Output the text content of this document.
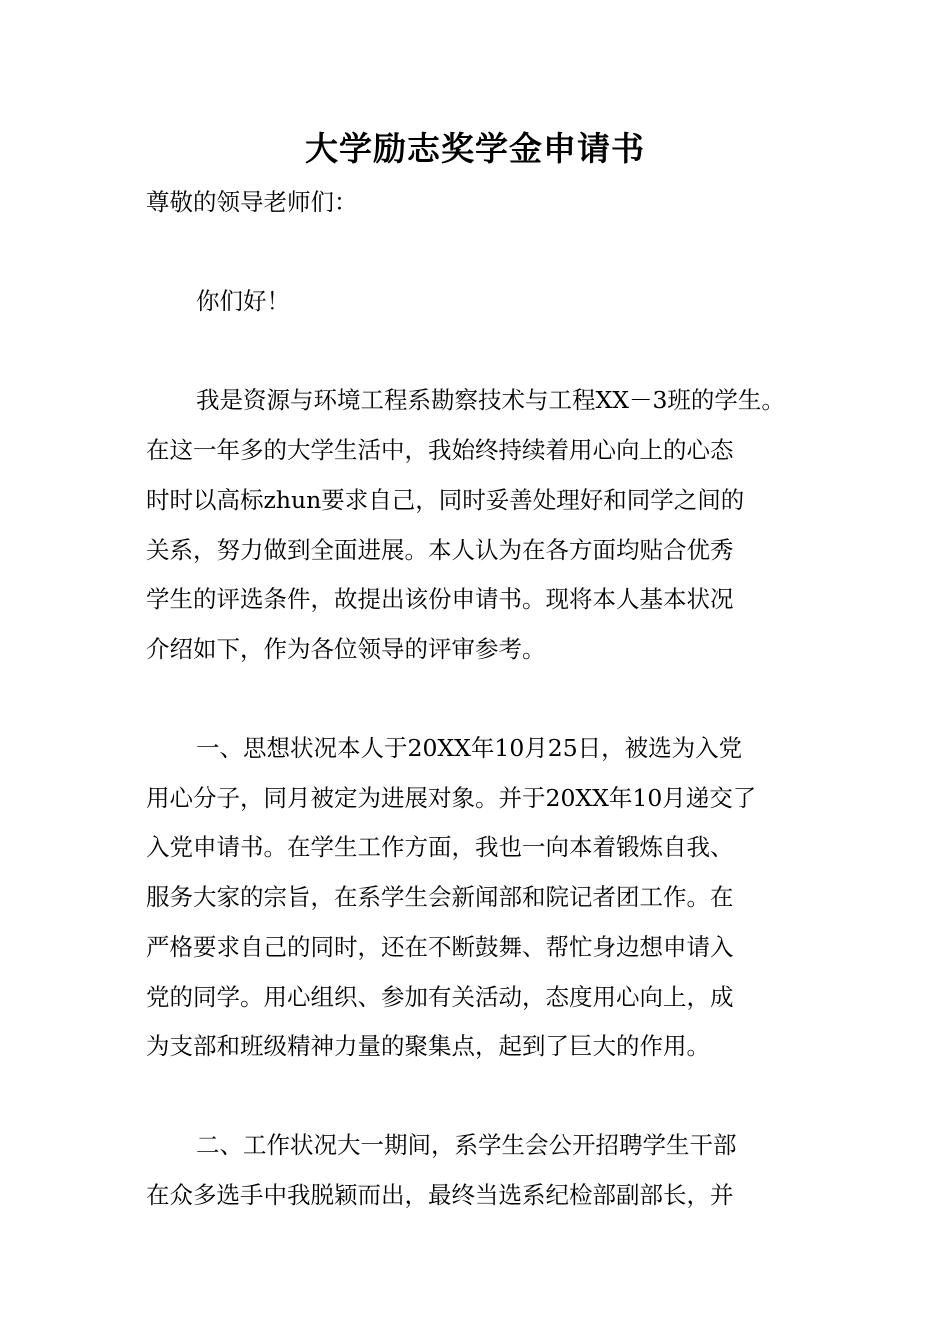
大学励志奖学金申请书
尊敬的领导老师们：
你们好！
我是资源与环境工程系勘察技术与工程XX－3班的学生。
在这一年多的大学生活中，我始终持续着用心向上的心态
时时以高标zhun要求自己，同时妥善处理好和同学之间的
关系，努力做到全面进展。本人认为在各方面均贴合优秀
学生的评选条件，故提出该份申请书。现将本人基本状况
介绍如下，作为各位领导的评审参考。
一、思想状况本人于20XX年10月25日，被选为入党
用心分子，同月被定为进展对象。并于20XX年10月递交了
入党申请书。在学生工作方面，我也一向本着锻炼自我、
服务大家的宗旨，在系学生会新闻部和院记者团工作。在
严格要求自己的同时，还在不断鼓舞、帮忙身边想申请入
党的同学。用心组织、参加有关活动，态度用心向上，成
为支部和班级精神力量的聚集点，起到了巨大的作用。
二、工作状况大一期间，系学生会公开招聘学生干部
在众多选手中我脱颖而出，最终当选系纪检部副部长，并
